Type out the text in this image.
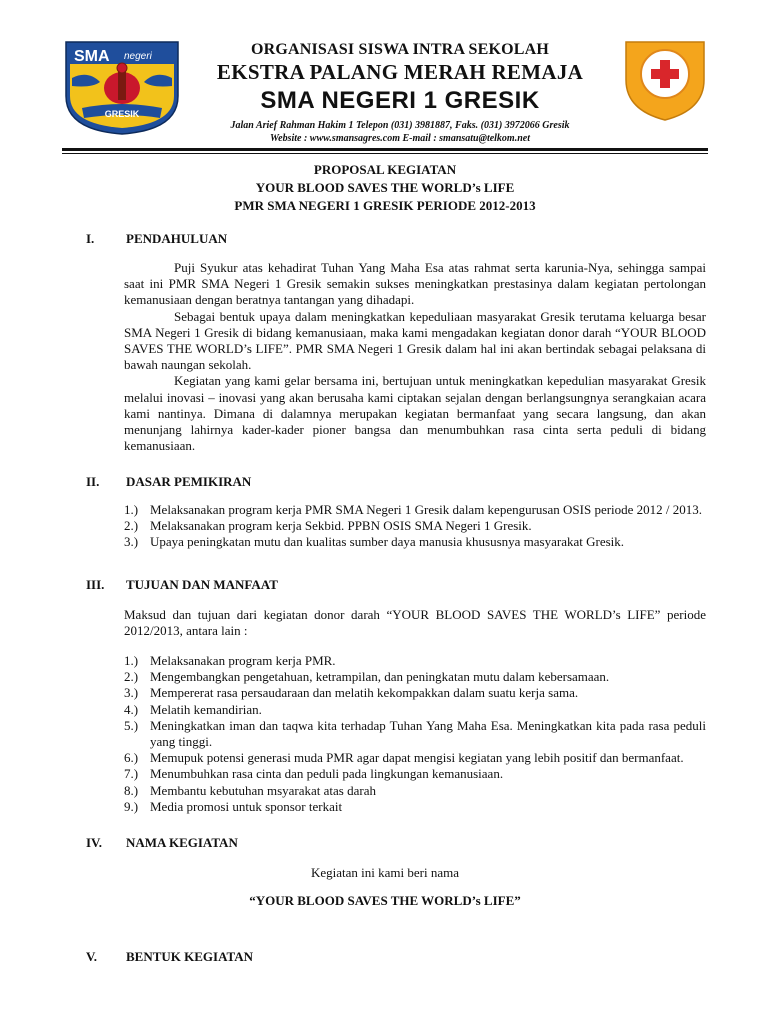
SMA negeri
GRESIK
ORGANISASI SISWA INTRA SEKOLAH
EKSTRA PALANG MERAH REMAJA
SMA NEGERI 1 GRESIK
Jalan Arief Rahman Hakim 1 Telepon (031) 3981887, Faks. (031) 3972066 Gresik
Website : www.smansagres.com E-mail : smansatu@telkom.net
PROPOSAL KEGIATAN
YOUR BLOOD SAVES THE WORLD’s LIFE
PMR SMA NEGERI 1 GRESIK PERIODE 2012-2013
I. PENDAHULUAN

Puji Syukur atas kehadirat Tuhan Yang Maha Esa atas rahmat serta karunia-Nya, sehingga sampai saat ini PMR SMA Negeri 1 Gresik semakin sukses meningkatkan prestasinya dalam kegiatan pertolongan kemanusiaan dengan beratnya tantangan yang dihadapi.

Sebagai bentuk upaya dalam meningkatkan kepeduliaan masyarakat Gresik terutama keluarga besar SMA Negeri 1 Gresik di bidang kemanusiaan, maka kami mengadakan kegiatan donor darah “YOUR BLOOD SAVES THE WORLD’s LIFE”. PMR SMA Negeri 1 Gresik dalam hal ini akan bertindak sebagai pelaksana di bawah naungan sekolah.

Kegiatan yang kami gelar bersama ini, bertujuan untuk meningkatkan kepedulian masyarakat Gresik melalui inovasi – inovasi yang akan berusaha kami ciptakan sejalan dengan berlangsungnya serangkaian acara kami nantinya. Dimana di dalamnya merupakan kegiatan bermanfaat yang secara langsung, dan akan menunjang lahirnya kader-kader pioner bangsa dan menumbuhkan rasa cinta serta peduli di bidang kemanusiaan.

II. DASAR PEMIKIRAN
1.) Melaksanakan program kerja PMR SMA Negeri 1 Gresik dalam kepengurusan OSIS periode 2012 / 2013.
2.) Melaksanakan program kerja Sekbid. PPBN OSIS SMA Negeri 1 Gresik.
3.) Upaya peningkatan mutu dan kualitas sumber daya manusia khususnya masyarakat Gresik.
III. TUJUAN DAN MANFAAT
Maksud dan tujuan dari kegiatan donor darah “YOUR BLOOD SAVES THE WORLD’s LIFE” periode 2012/2013, antara lain :
1.) Melaksanakan program kerja PMR.
2.) Mengembangkan pengetahuan, ketrampilan, dan peningkatan mutu dalam kebersamaan.
3.) Mempererat rasa persaudaraan dan melatih kekompakkan dalam suatu kerja sama.
4.) Melatih kemandirian.
5.) Meningkatkan iman dan taqwa kita terhadap Tuhan Yang Maha Esa. Meningkatkan kita pada rasa peduli yang tinggi.
6.) Memupuk potensi generasi muda PMR agar dapat mengisi kegiatan yang lebih positif dan bermanfaat.
7.) Menumbuhkan rasa cinta dan peduli pada lingkungan kemanusiaan.
8.) Membantu kebutuhan msyarakat atas darah
9.) Media promosi untuk sponsor terkait
IV. NAMA KEGIATAN
Kegiatan ini kami beri nama
“YOUR BLOOD SAVES THE WORLD’s LIFE”
V. BENTUK KEGIATAN
